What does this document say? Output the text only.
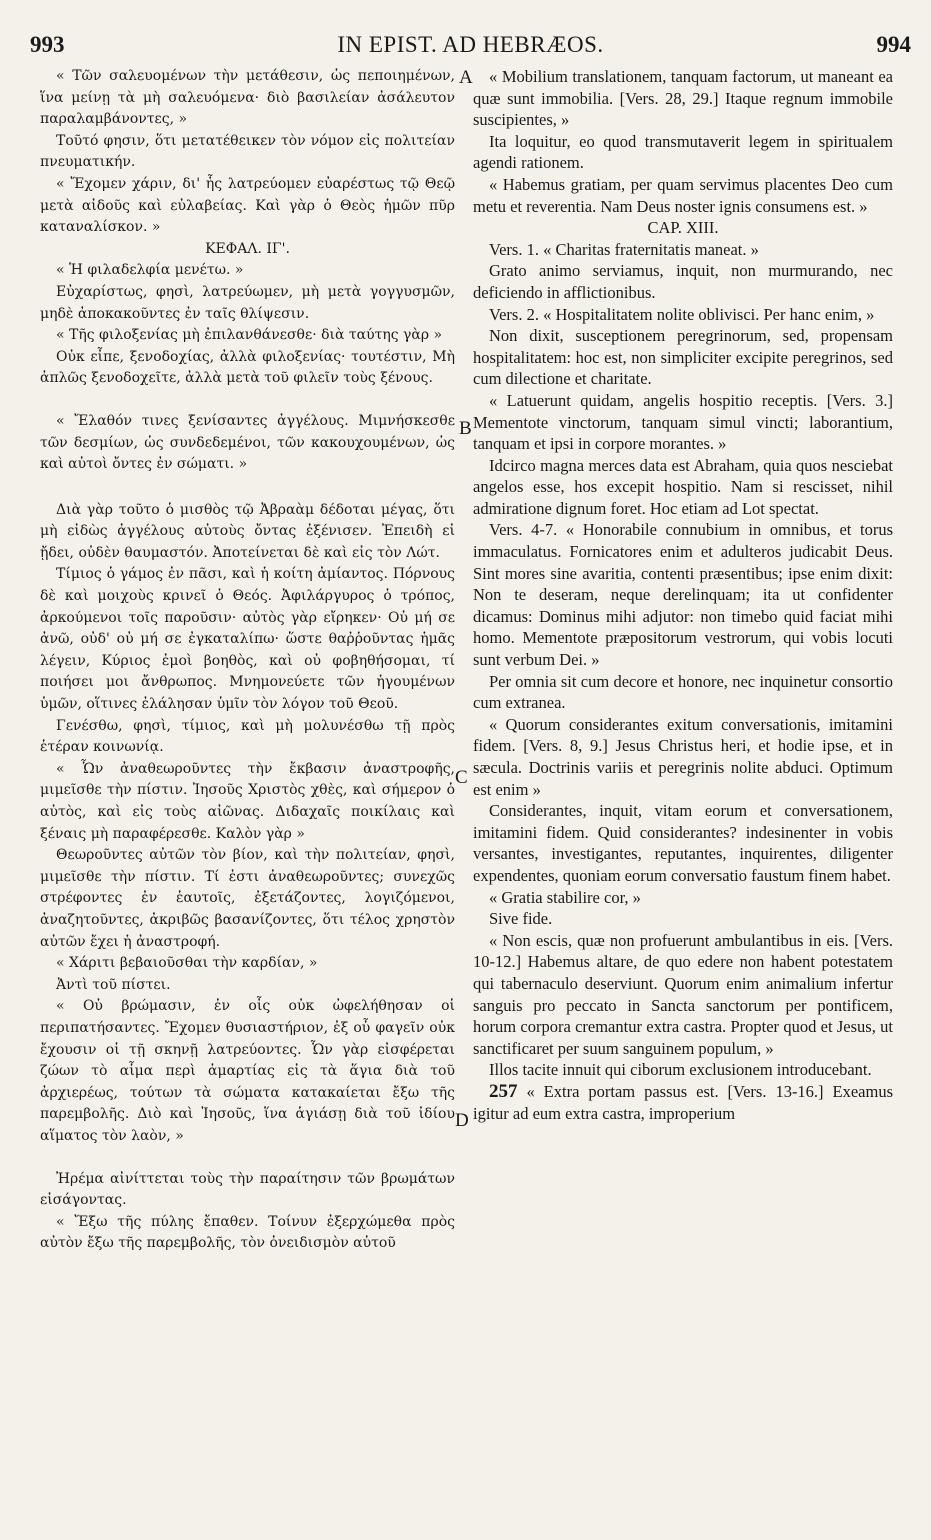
993	IN EPIST. AD HEBRÆOS.	994
A
B
C
D

« Τῶν σαλευομένων τὴν μετάθεσιν, ὡς πεποιημένων, ἵνα μείνῃ τὰ μὴ σαλευόμενα· διὸ βασιλείαν ἀσάλευτον παραλαμβάνοντες, »

Τοῦτό φησιν, ὅτι μετατέθεικεν τὸν νόμον εἰς πολιτείαν πνευματικήν.

« Ἔχομεν χάριν, δι' ἧς λατρεύομεν εὐαρέστως τῷ Θεῷ μετὰ αἰδοῦς καὶ εὐλαβείας. Καὶ γὰρ ὁ Θεὸς ἡμῶν πῦρ καταναλίσκον. »

ΚΕΦΑΛ. ΙΓ'.

« Ἡ φιλαδελφία μενέτω. »

Εὐχαρίστως, φησὶ, λατρεύωμεν, μὴ μετὰ γογγυσμῶν, μηδὲ ἀποκακοῦντες ἐν ταῖς θλίψεσιν.

« Τῆς φιλοξενίας μὴ ἐπιλανθάνεσθε· διὰ ταύτης γὰρ »

Οὐκ εἶπε, ξενοδοχίας, ἀλλὰ φιλοξενίας· τουτέστιν, Μὴ ἁπλῶς ξενοδοχεῖτε, ἀλλὰ μετὰ τοῦ φιλεῖν τοὺς ξένους.

« Ἔλαθόν τινες ξενίσαντες ἀγγέλους. Μιμνήσκεσθε τῶν δεσμίων, ὡς συνδεδεμένοι, τῶν κακουχουμένων, ὡς καὶ αὐτοὶ ὄντες ἐν σώματι. »

Διὰ γὰρ τοῦτο ὁ μισθὸς τῷ Ἀβραὰμ δέδοται μέγας, ὅτι μὴ εἰδὼς ἀγγέλους αὐτοὺς ὄντας ἐξένισεν. Ἐπειδὴ εἰ ᾔδει, οὐδὲν θαυμαστόν. Ἀποτείνεται δὲ καὶ εἰς τὸν Λώτ.

Τίμιος ὁ γάμος ἐν πᾶσι, καὶ ἡ κοίτη ἀμίαντος. Πόρνους δὲ καὶ μοιχοὺς κρινεῖ ὁ Θεός. Ἀφιλάργυρος ὁ τρόπος, ἀρκούμενοι τοῖς παροῦσιν· αὐτὸς γὰρ εἴρηκεν· Οὐ μή σε ἀνῶ, οὐδ' οὐ μή σε ἐγκαταλίπω· ὥστε θαῤῥοῦντας ἡμᾶς λέγειν, Κύριος ἐμοὶ βοηθὸς, καὶ οὐ φοβηθήσομαι, τί ποιήσει μοι ἄνθρωπος. Μνημονεύετε τῶν ἡγουμένων ὑμῶν, οἵτινες ἐλάλησαν ὑμῖν τὸν λόγον τοῦ Θεοῦ.

Γενέσθω, φησὶ, τίμιος, καὶ μὴ μολυνέσθω τῇ πρὸς ἑτέραν κοινωνίᾳ.

« Ὧν ἀναθεωροῦντες τὴν ἔκβασιν ἀναστροφῆς, μιμεῖσθε τὴν πίστιν. Ἰησοῦς Χριστὸς χθὲς, καὶ σήμερον ὁ αὐτὸς, καὶ εἰς τοὺς αἰῶνας. Διδαχαῖς ποικίλαις καὶ ξέναις μὴ παραφέρεσθε. Καλὸν γὰρ »

Θεωροῦντες αὐτῶν τὸν βίον, καὶ τὴν πολιτείαν, φησὶ, μιμεῖσθε τὴν πίστιν. Τί ἐστι ἀναθεωροῦντες; συνεχῶς στρέφοντες ἐν ἑαυτοῖς, ἐξετάζοντες, λογιζόμενοι, ἀναζητοῦντες, ἀκριβῶς βασανίζοντες, ὅτι τέλος χρηστὸν αὐτῶν ἔχει ἡ ἀναστροφή.

« Χάριτι βεβαιοῦσθαι τὴν καρδίαν, »

Ἀντὶ τοῦ πίστει.

« Οὐ βρώμασιν, ἐν οἷς οὐκ ὠφελήθησαν οἱ περιπατήσαντες. Ἔχομεν θυσιαστήριον, ἐξ οὗ φαγεῖν οὐκ ἔχουσιν οἱ τῇ σκηνῇ λατρεύοντες. Ὧν γὰρ εἰσφέρεται ζώων τὸ αἷμα περὶ ἁμαρτίας εἰς τὰ ἅγια διὰ τοῦ ἀρχιερέως, τούτων τὰ σώματα κατακαίεται ἔξω τῆς παρεμβολῆς. Διὸ καὶ Ἰησοῦς, ἵνα ἁγιάσῃ διὰ τοῦ ἰδίου αἵματος τὸν λαὸν, »

Ἠρέμα αἰνίττεται τοὺς τὴν παραίτησιν τῶν βρωμάτων εἰσάγοντας.

« Ἔξω τῆς πύλης ἔπαθεν. Τοίνυν ἐξερχώμεθα πρὸς αὐτὸν ἔξω τῆς παρεμβολῆς, τὸν ὀνειδισμὸν αὐτοῦ

« Mobilium translationem, tanquam factorum, ut maneant ea quæ sunt immobilia. [Vers. 28, 29.] Itaque regnum immobile suscipientes, »

Ita loquitur, eo quod transmutaverit legem in spiritualem agendi rationem.

« Habemus gratiam, per quam servimus placentes Deo cum metu et reverentia. Nam Deus noster ignis consumens est. »

CAP. XIII.

Vers. 1. « Charitas fraternitatis maneat. »

Grato animo serviamus, inquit, non murmurando, nec deficiendo in afflictionibus.

Vers. 2. « Hospitalitatem nolite oblivisci. Per hanc enim, »

Non dixit, susceptionem peregrinorum, sed, propensam hospitalitatem: hoc est, non simpliciter excipite peregrinos, sed cum dilectione et charitate.

« Latuerunt quidam, angelis hospitio receptis. [Vers. 3.] Mementote vinctorum, tanquam simul vincti; laborantium, tanquam et ipsi in corpore morantes. »

Idcirco magna merces data est Abraham, quia quos nesciebat angelos esse, hos excepit hospitio. Nam si rescisset, nihil admiratione dignum foret. Hoc etiam ad Lot spectat.

Vers. 4-7. « Honorabile connubium in omnibus, et torus immaculatus. Fornicatores enim et adulteros judicabit Deus. Sint mores sine avaritia, contenti præsentibus; ipse enim dixit: Non te deseram, neque derelinquam; ita ut confidenter dicamus: Dominus mihi adjutor: non timebo quid faciat mihi homo. Mementote præpositorum vestrorum, qui vobis locuti sunt verbum Dei. »

Per omnia sit cum decore et honore, nec inquinetur consortio cum extranea.

« Quorum considerantes exitum conversationis, imitamini fidem. [Vers. 8, 9.] Jesus Christus heri, et hodie ipse, et in sæcula. Doctrinis variis et peregrinis nolite abduci. Optimum est enim »

Considerantes, inquit, vitam eorum et conversationem, imitamini fidem. Quid considerantes? indesinenter in vobis versantes, investigantes, reputantes, inquirentes, diligenter expendentes, quoniam eorum conversatio faustum finem habet.

« Gratia stabilire cor, »

Sive fide.

« Non escis, quæ non profuerunt ambulantibus in eis. [Vers. 10-12.] Habemus altare, de quo edere non habent potestatem qui tabernaculo deserviunt. Quorum enim animalium infertur sanguis pro peccato in Sancta sanctorum per pontificem, horum corpora cremantur extra castra. Propter quod et Jesus, ut sanctificaret per suum sanguinem populum, »

Illos tacite innuit qui ciborum exclusionem introducebant.

257 « Extra portam passus est. [Vers. 13-16.] Exeamus igitur ad eum extra castra, improperium
